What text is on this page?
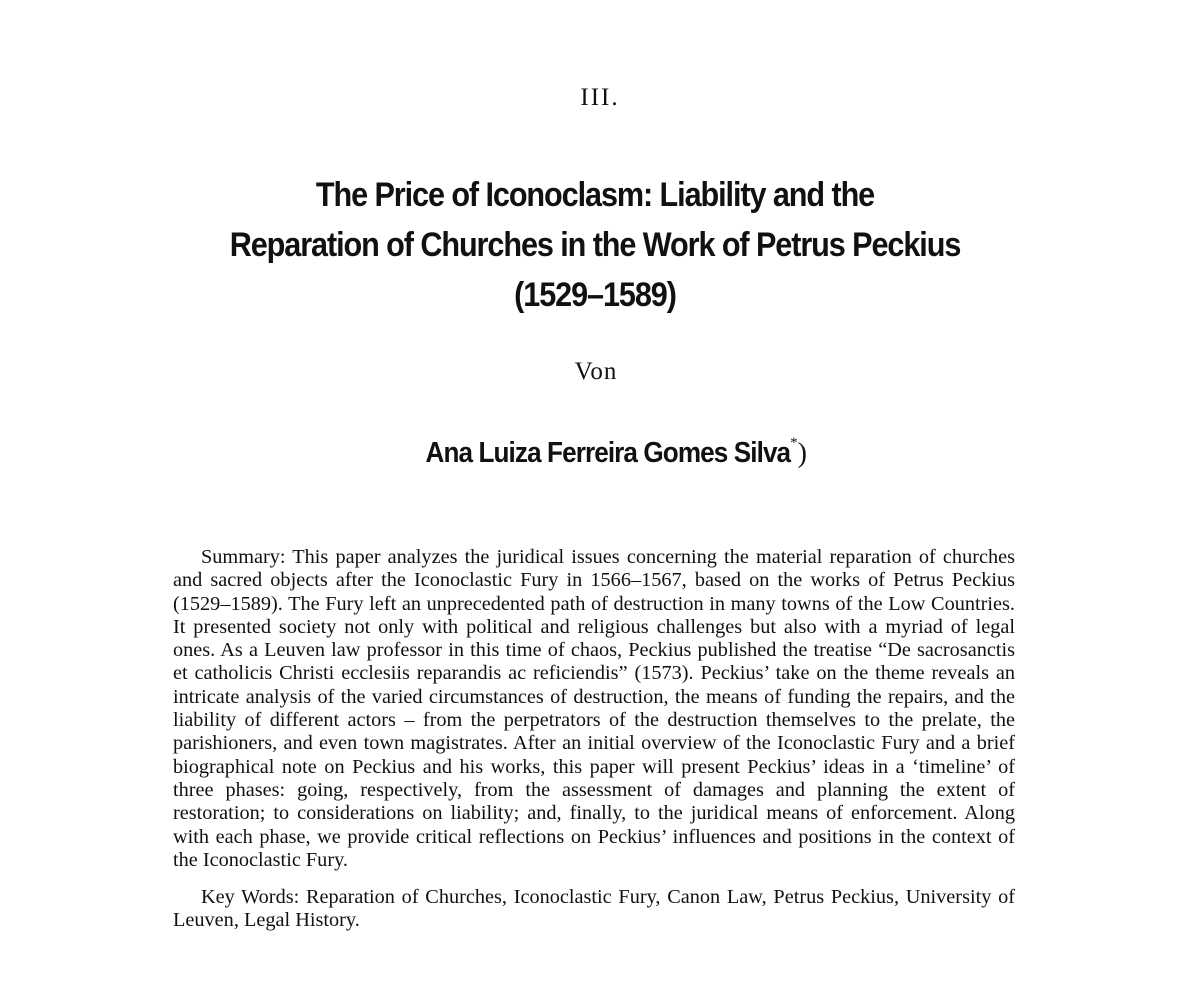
III.
The Price of Iconoclasm: Liability and the
Reparation of Churches in the Work of Petrus Peckius
(1529–1589)
Von
Ana Luiza Ferreira Gomes Silva*)

Summary: This paper analyzes the juridical issues concerning the material reparation of churches and sacred objects after the Iconoclastic Fury in 1566–1567, based on the works of Petrus Peckius (1529–1589). The Fury left an unprecedented path of destruction in many towns of the Low Countries. It presented society not only with political and religious challenges but also with a myriad of legal ones. As a Leuven law professor in this time of chaos, Peckius published the treatise “De sacrosanctis et catholicis Christi ecclesiis reparandis ac reficiendis” (1573). Peckius’ take on the theme reveals an intricate analysis of the varied circumstances of destruction, the means of funding the repairs, and the liability of different actors – from the perpetrators of the destruction themselves to the prelate, the parishioners, and even town magistrates. After an initial overview of the Iconoclastic Fury and a brief biographical note on Peckius and his works, this paper will present Peckius’ ideas in a ‘timeline’ of three phases: going, respectively, from the assessment of damages and planning the extent of restoration; to considerations on liability; and, finally, to the juridical means of enforcement. Along with each phase, we provide critical reflections on Peckius’ influences and positions in the context of the Iconoclastic Fury.

Key Words: Reparation of Churches, Iconoclastic Fury, Canon Law, Petrus Peckius, University of Leuven, Legal History.
